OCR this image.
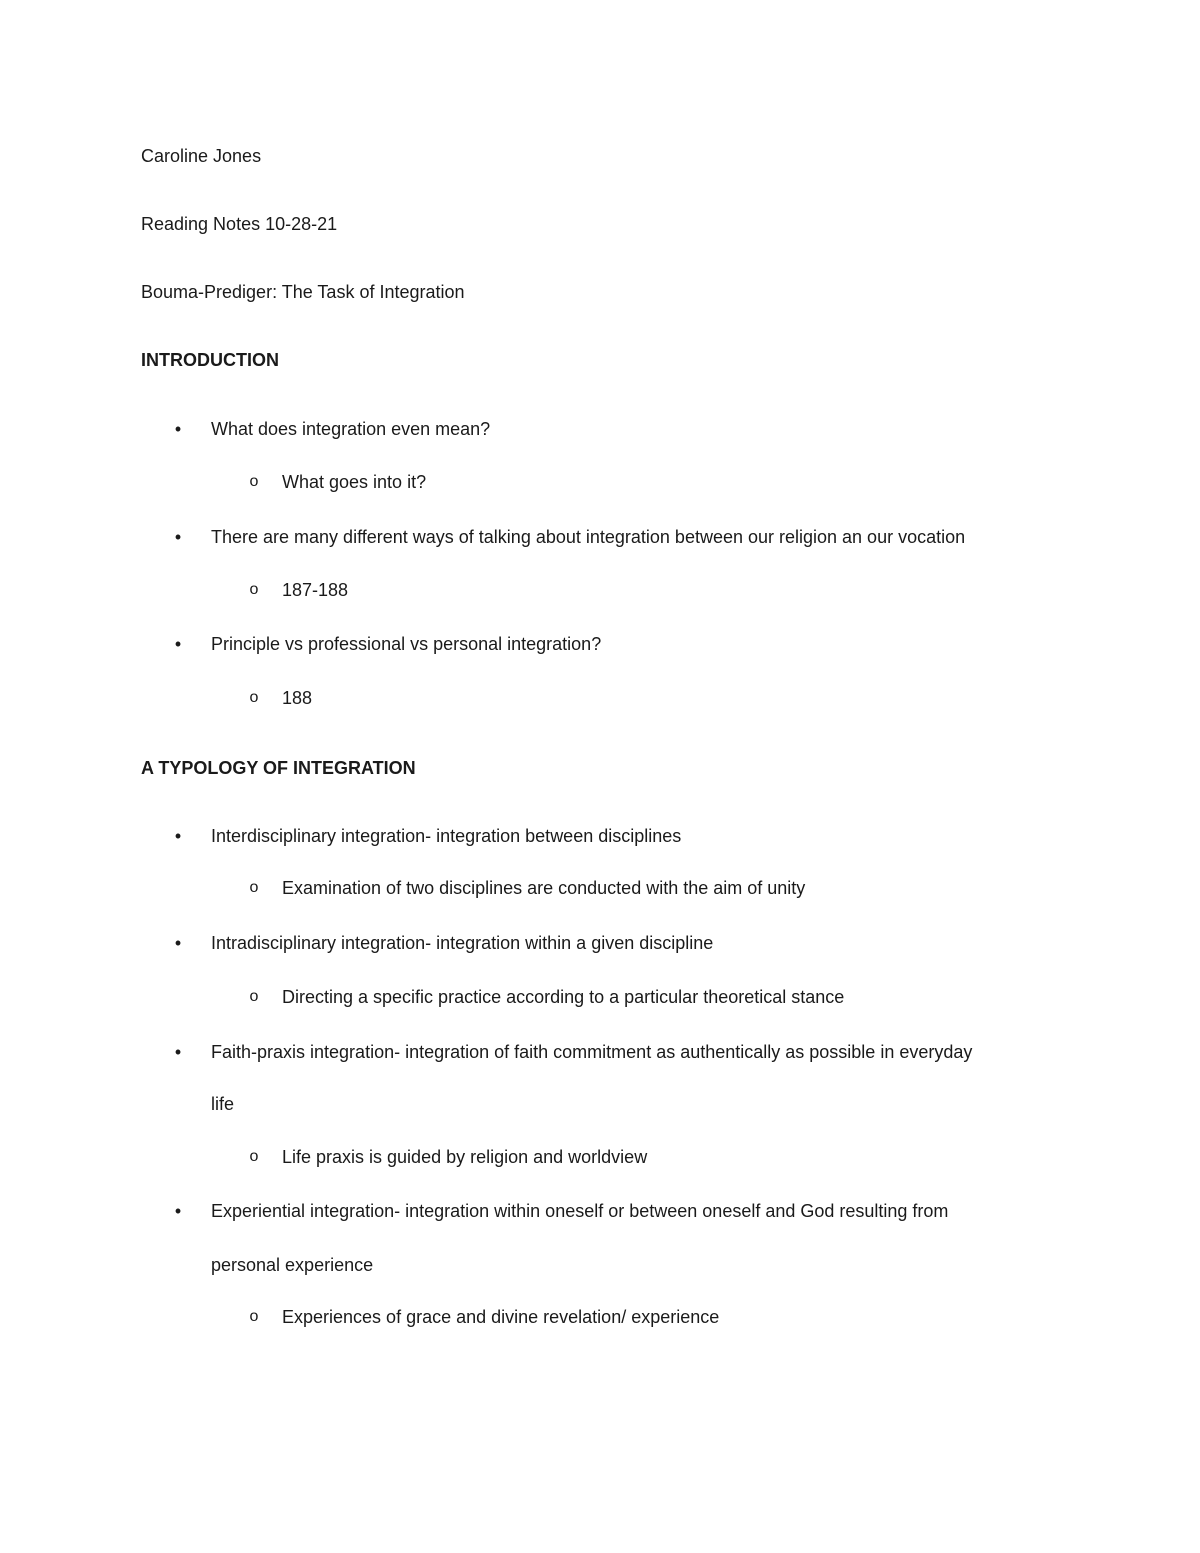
Caroline Jones
Reading Notes 10-28-21
Bouma-Prediger: The Task of Integration
INTRODUCTION
• What does integration even mean?
o What goes into it?
• There are many different ways of talking about integration between our religion an our vocation
o 187-188
• Principle vs professional vs personal integration?
o 188
A TYPOLOGY OF INTEGRATION
• Interdisciplinary integration- integration between disciplines
o Examination of two disciplines are conducted with the aim of unity
• Intradisciplinary integration- integration within a given discipline
o Directing a specific practice according to a particular theoretical stance
• Faith-praxis integration- integration of faith commitment as authentically as possible in everyday
life
o Life praxis is guided by religion and worldview
• Experiential integration- integration within oneself or between oneself and God resulting from
personal experience
o Experiences of grace and divine revelation/ experience
